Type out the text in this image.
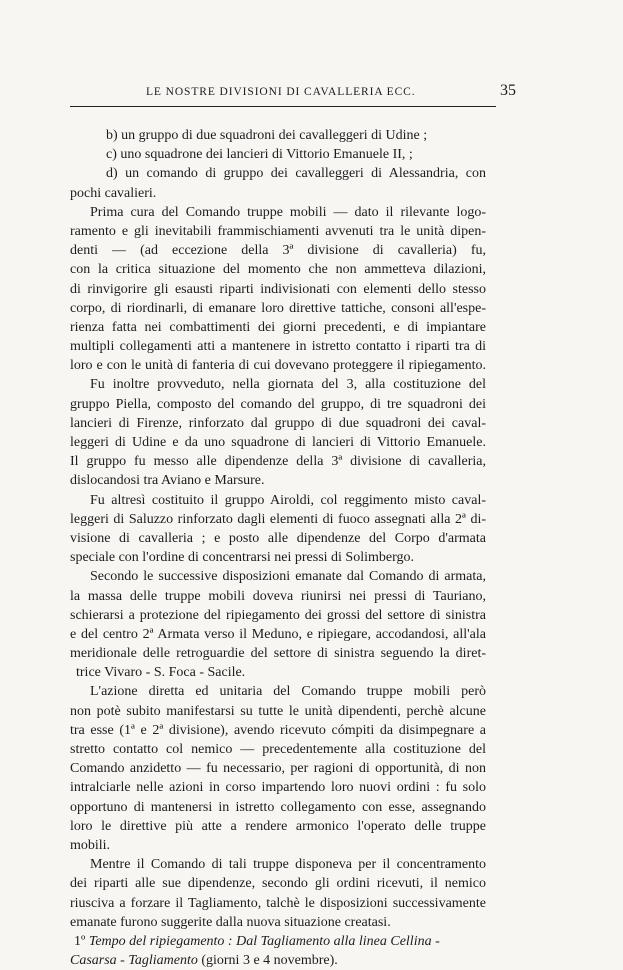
LE NOSTRE DIVISIONI DI CAVALLERIA ECC.	35
b) un gruppo di due squadroni dei cavalleggeri di Udine ;
c) uno squadrone dei lancieri di Vittorio Emanuele II, ;
d) un comando di gruppo dei cavalleggeri di Alessandria, con
pochi cavalieri.
Prima cura del Comando truppe mobili — dato il rilevante logo-
ramento e gli inevitabili frammischiamenti avvenuti tra le unità dipen-
denti — (ad eccezione della 3ª divisione di cavalleria) fu,
con la critica situazione del momento che non ammetteva dilazioni,
di rinvigorire gli esausti riparti indivisionati con elementi dello stesso
corpo, di riordinarli, di emanare loro direttive tattiche, consoni all'espe-
rienza fatta nei combattimenti dei giorni precedenti, e di impiantare
multipli collegamenti atti a mantenere in istretto contatto i riparti tra di
loro e con le unità di fanteria di cui dovevano proteggere il ripiegamento.
Fu inoltre provveduto, nella giornata del 3, alla costituzione del
gruppo Piella, composto del comando del gruppo, di tre squadroni dei
lancieri di Firenze, rinforzato dal gruppo di due squadroni dei caval-
leggeri di Udine e da uno squadrone di lancieri di Vittorio Emanuele.
Il gruppo fu messo alle dipendenze della 3ª divisione di cavalleria,
dislocandosi tra Aviano e Marsure.
Fu altresì costituito il gruppo Airoldi, col reggimento misto caval-
leggeri di Saluzzo rinforzato dagli elementi di fuoco assegnati alla 2ª di-
visione di cavalleria ; e posto alle dipendenze del Corpo d'armata
speciale con l'ordine di concentrarsi nei pressi di Solimbergo.
Secondo le successive disposizioni emanate dal Comando di armata,
la massa delle truppe mobili doveva riunirsi nei pressi di Tauriano,
schierarsi a protezione del ripiegamento dei grossi del settore di sinistra
e del centro 2ª Armata verso il Meduno, e ripiegare, accodandosi, all'ala
meridionale delle retroguardie del settore di sinistra seguendo la diret-
trice Vivaro - S. Foca - Sacile.
L'azione diretta ed unitaria del Comando truppe mobili però
non potè subito manifestarsi su tutte le unità dipendenti, perchè alcune
tra esse (1ª e 2ª divisione), avendo ricevuto cómpiti da disimpegnare a
stretto contatto col nemico — precedentemente alla costituzione del
Comando anzidetto — fu necessario, per ragioni di opportunità, di non
intralciarle nelle azioni in corso impartendo loro nuovi ordini : fu solo
opportuno di mantenersi in istretto collegamento con esse, assegnando
loro le direttive più atte a rendere armonico l'operato delle truppe
mobili.
Mentre il Comando di tali truppe disponeva per il concentramento
dei riparti alle sue dipendenze, secondo gli ordini ricevuti, il nemico
riusciva a forzare il Tagliamento, talchè le disposizioni successivamente
emanate furono suggerite dalla nuova situazione creatasi.
1º Tempo del ripiegamento : Dal Tagliamento alla linea Cellina -
Casarsa - Tagliamento (giorni 3 e 4 novembre).
